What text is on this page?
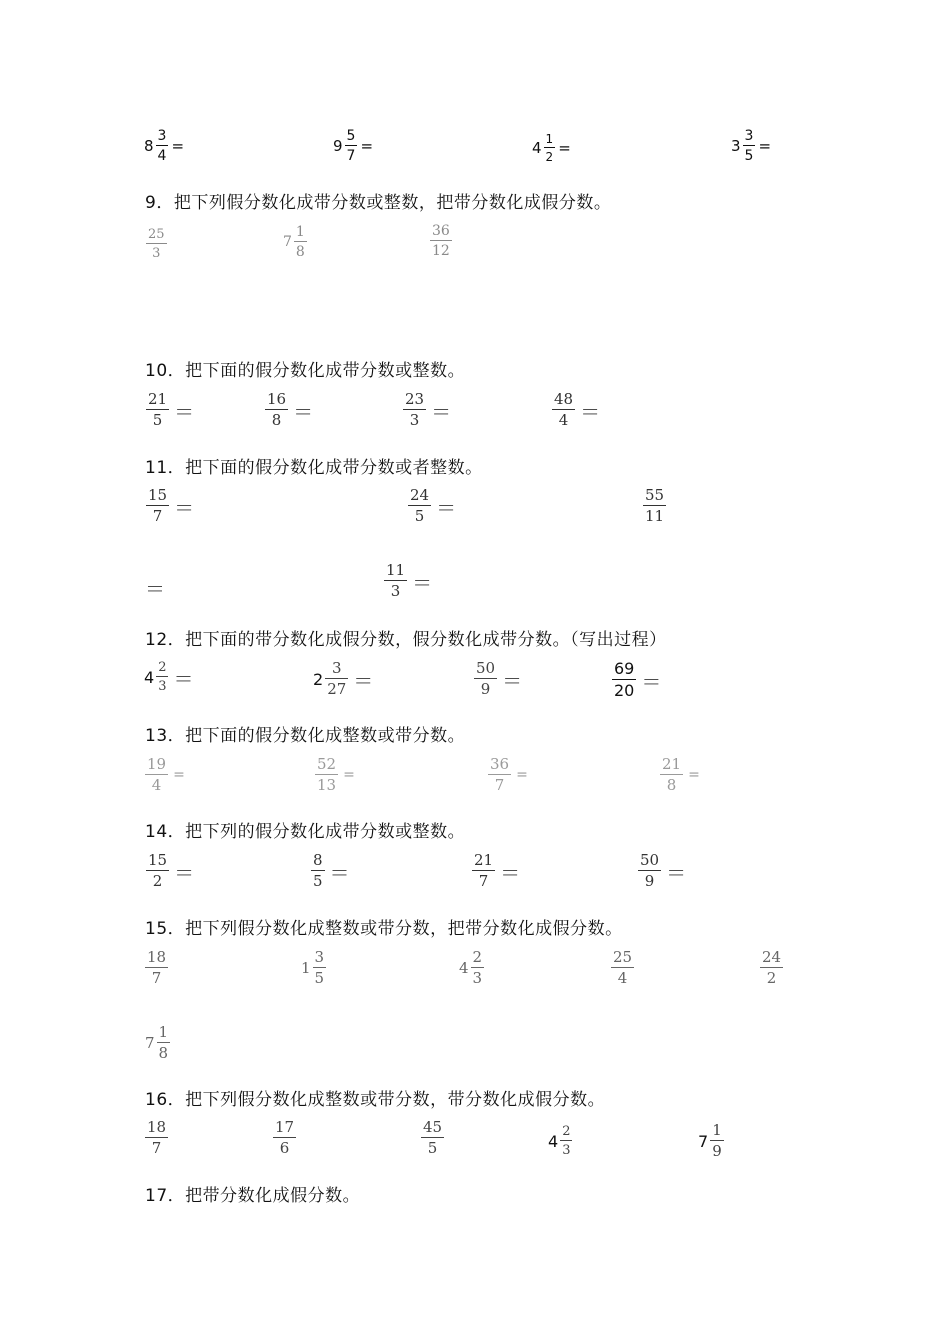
$8 \frac{3}{4}$ =	$9 \frac{5}{7}$ =	$4 \frac{1}{2}$ =	$3 \frac{3}{5}$ =
9．把下列假分数化成带分数或整数，把带分数化成假分数。
$\frac{25}{3}$	$7 \frac{1}{8}$	$\frac{36}{12}$
10．把下面的假分数化成带分数或整数。
$\frac{21}{5}$ ＝	$\frac{16}{8}$ ＝	$\frac{23}{3}$ ＝	$\frac{48}{4}$ ＝
11．把下面的假分数化成带分数或者整数。
$\frac{15}{7}$ ＝	$\frac{24}{5}$ ＝	$\frac{55}{11}$
＝	$\frac{11}{3}$ ＝
12．把下面的带分数化成假分数，假分数化成带分数。（写出过程）
$4 \frac{2}{3}$ ＝	$2 \frac{3}{27}$ ＝	$\frac{50}{9}$ ＝	$\frac{69}{20}$ ＝
13．把下面的假分数化成整数或带分数。
$\frac{19}{4}$ =	$\frac{52}{13}$ =	$\frac{36}{7}$ =	$\frac{21}{8}$ =
14．把下列的假分数化成带分数或整数。
$\frac{15}{2}$ ＝	$\frac{8}{5}$ ＝	$\frac{21}{7}$ ＝	$\frac{50}{9}$ ＝
15．把下列假分数化成整数或带分数，把带分数化成假分数。
$\frac{18}{7}$	$1 \frac{3}{5}$	$4 \frac{2}{3}$	$\frac{25}{4}$	$\frac{24}{2}$
$7 \frac{1}{8}$
16．把下列假分数化成整数或带分数，带分数化成假分数。
$\frac{18}{7}$	$\frac{17}{6}$	$\frac{45}{5}$	$4 \frac{2}{3}$	$7 \frac{1}{9}$
17．把带分数化成假分数。
